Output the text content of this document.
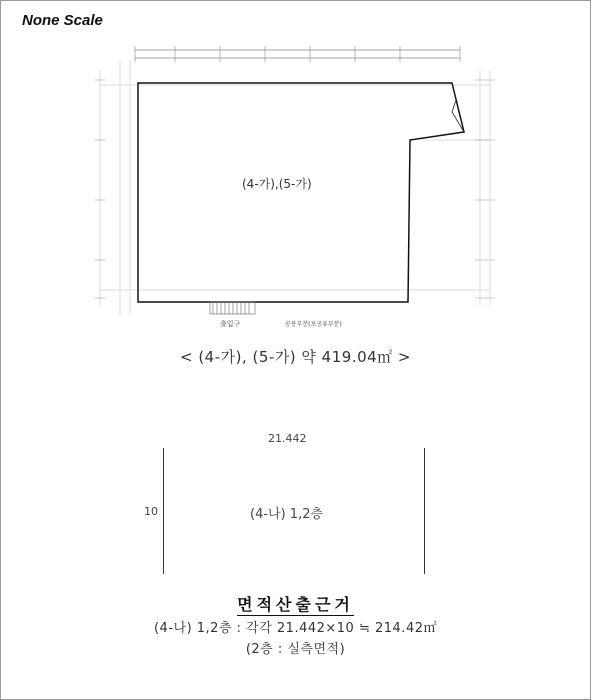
None Scale
(4-가),(5-가)
출입구	공용부분(보공유부분)
< (4-가), (5-가) 약 419.04㎡ >
21.442
10	(4-나) 1,2층
면적산출근거
(4-나) 1,2층 : 각각 21.442×10 ≒ 214.42㎡
(2층 : 실측면적)
